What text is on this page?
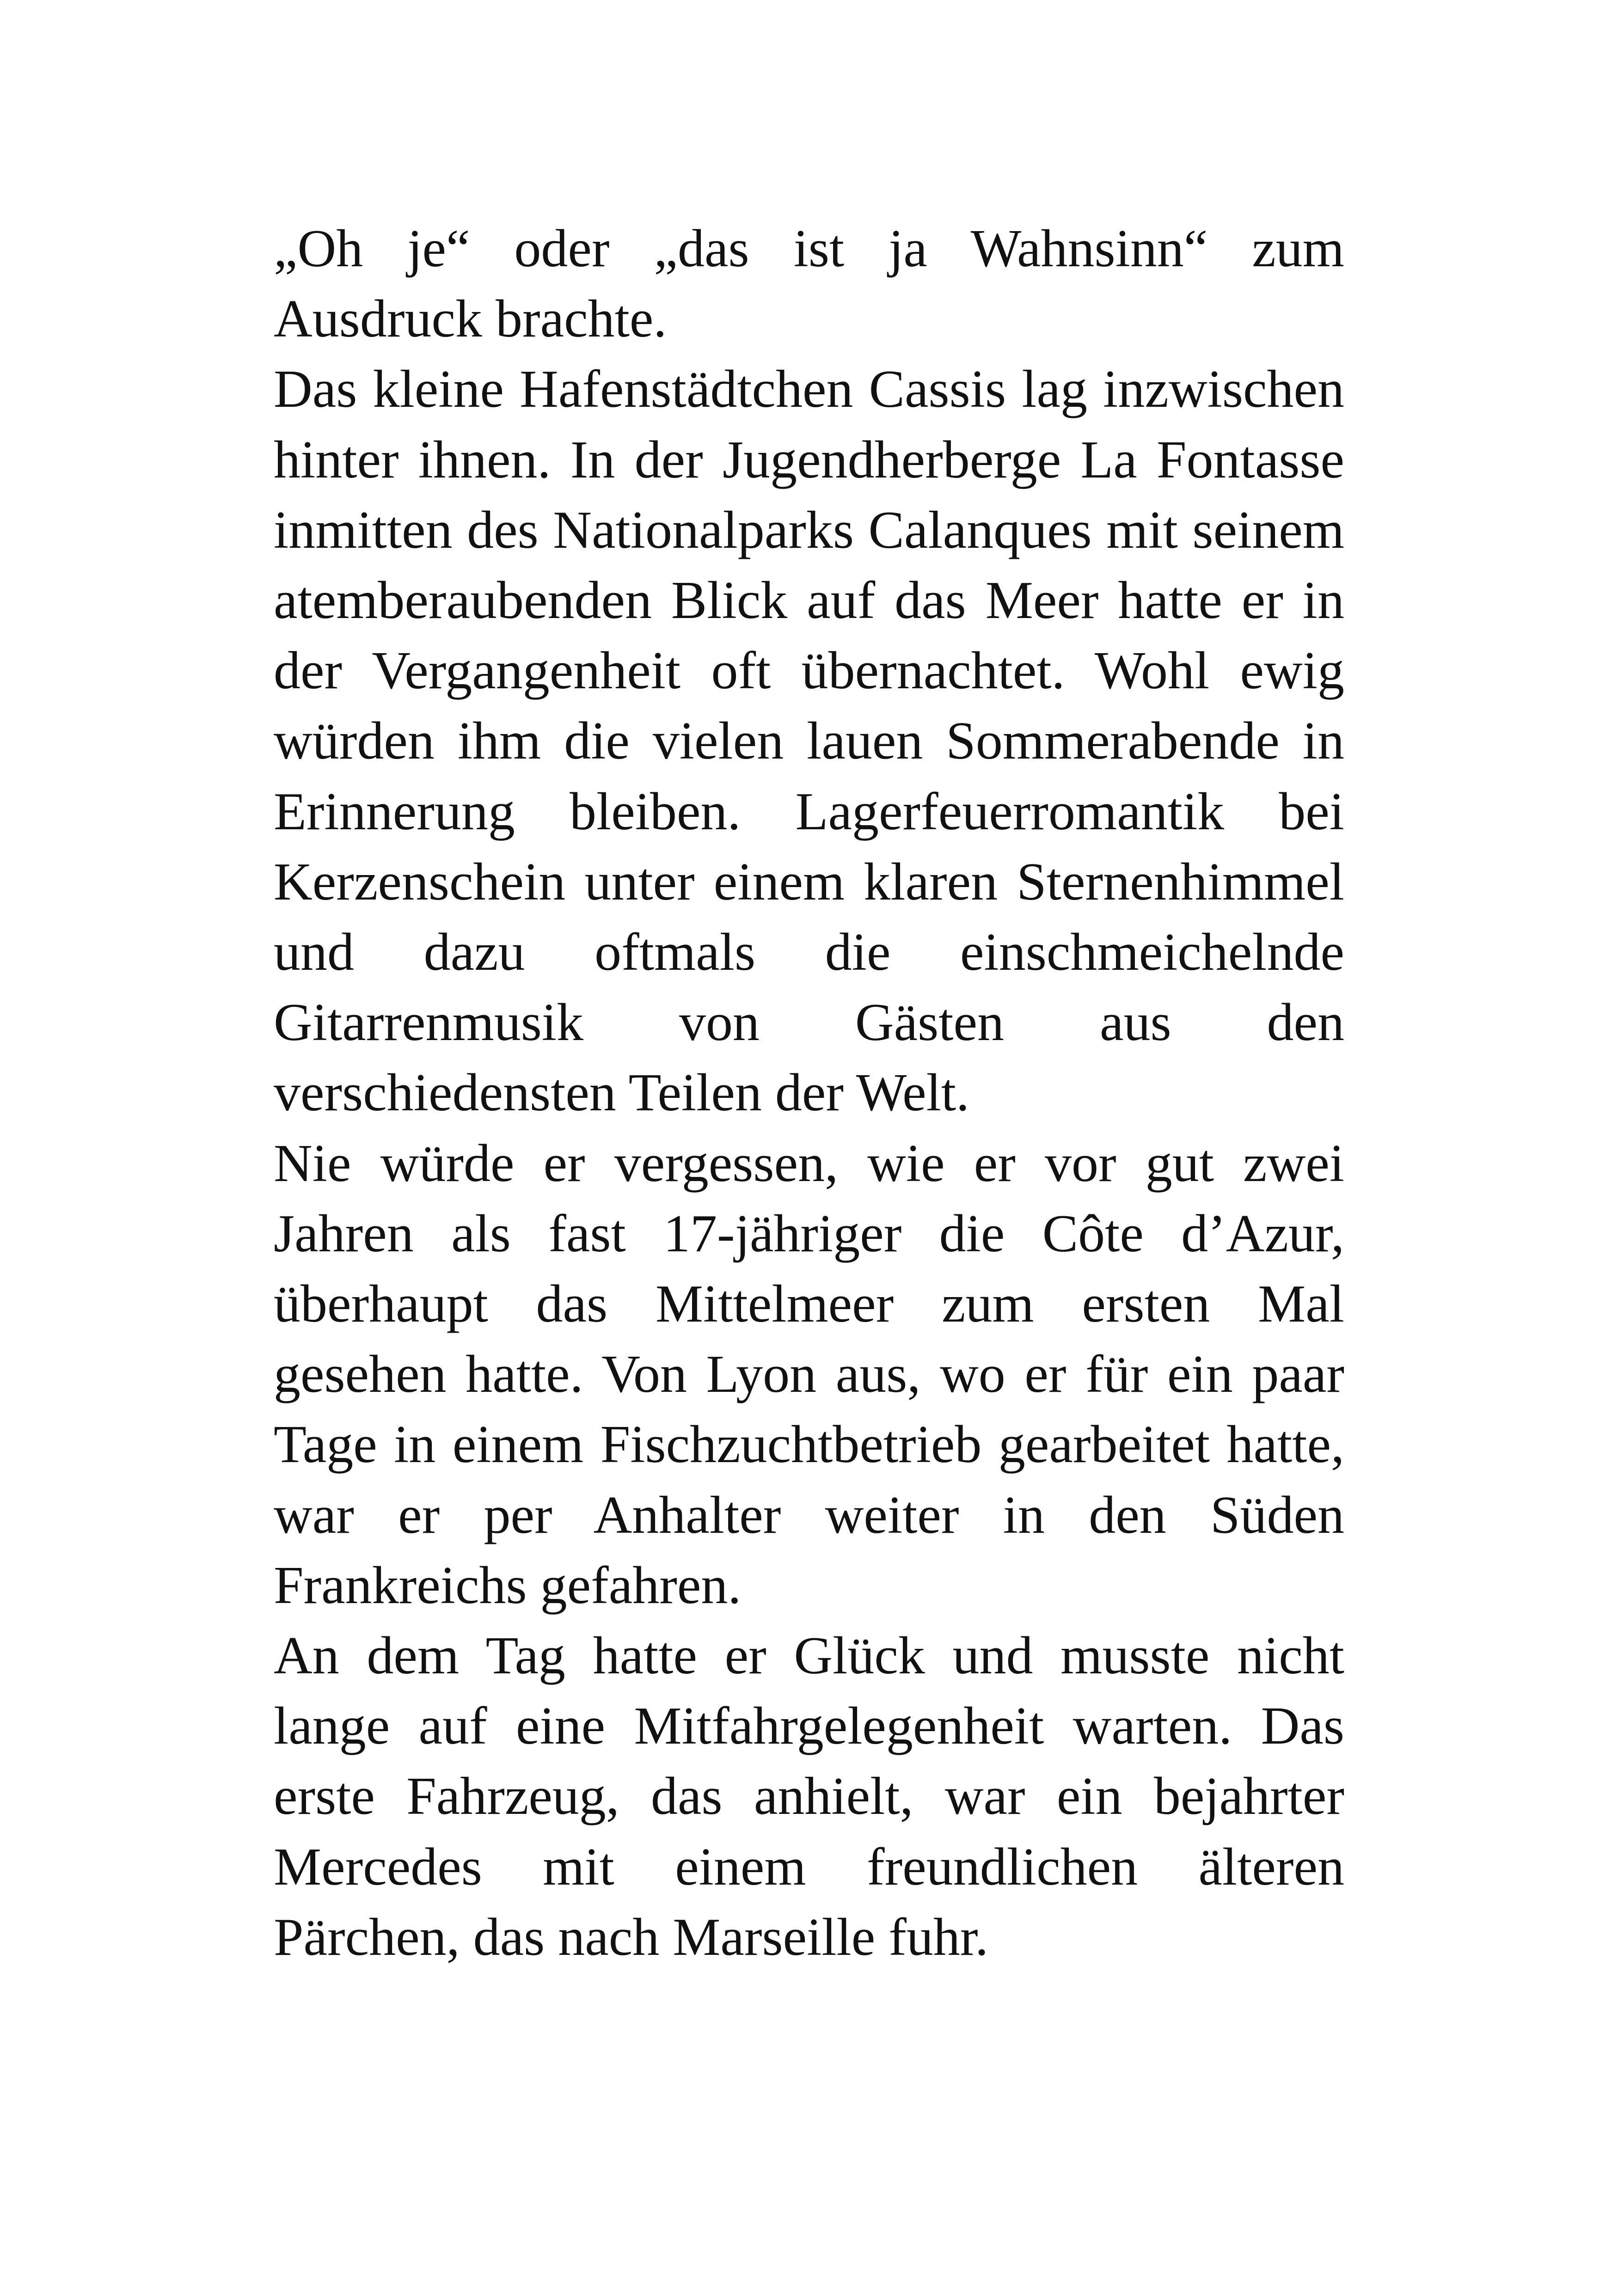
„Oh je“ oder „das ist ja Wahnsinn“ zum Ausdruck brachte.

Das kleine Hafenstädtchen Cassis lag inzwischen hinter ihnen. In der Jugendherberge La Fontasse inmitten des Nationalparks Calanques mit seinem atemberaubenden Blick auf das Meer hatte er in der Vergangenheit oft übernachtet. Wohl ewig würden ihm die vielen lauen Sommerabende in Erinnerung bleiben. Lagerfeuerromantik bei Kerzenschein unter einem klaren Sternenhimmel und dazu oftmals die einschmeichelnde Gitarrenmusik von Gästen aus den verschiedensten Teilen der Welt.

Nie würde er vergessen, wie er vor gut zwei Jahren als fast 17-jähriger die Côte d’Azur, überhaupt das Mittelmeer zum ersten Mal gesehen hatte. Von Lyon aus, wo er für ein paar Tage in einem Fischzuchtbetrieb gearbeitet hatte, war er per Anhalter weiter in den Süden Frankreichs gefahren.

An dem Tag hatte er Glück und musste nicht lange auf eine Mitfahrgelegenheit warten. Das erste Fahrzeug, das anhielt, war ein bejahrter Mercedes mit einem freundlichen älteren Pärchen, das nach Marseille fuhr.
